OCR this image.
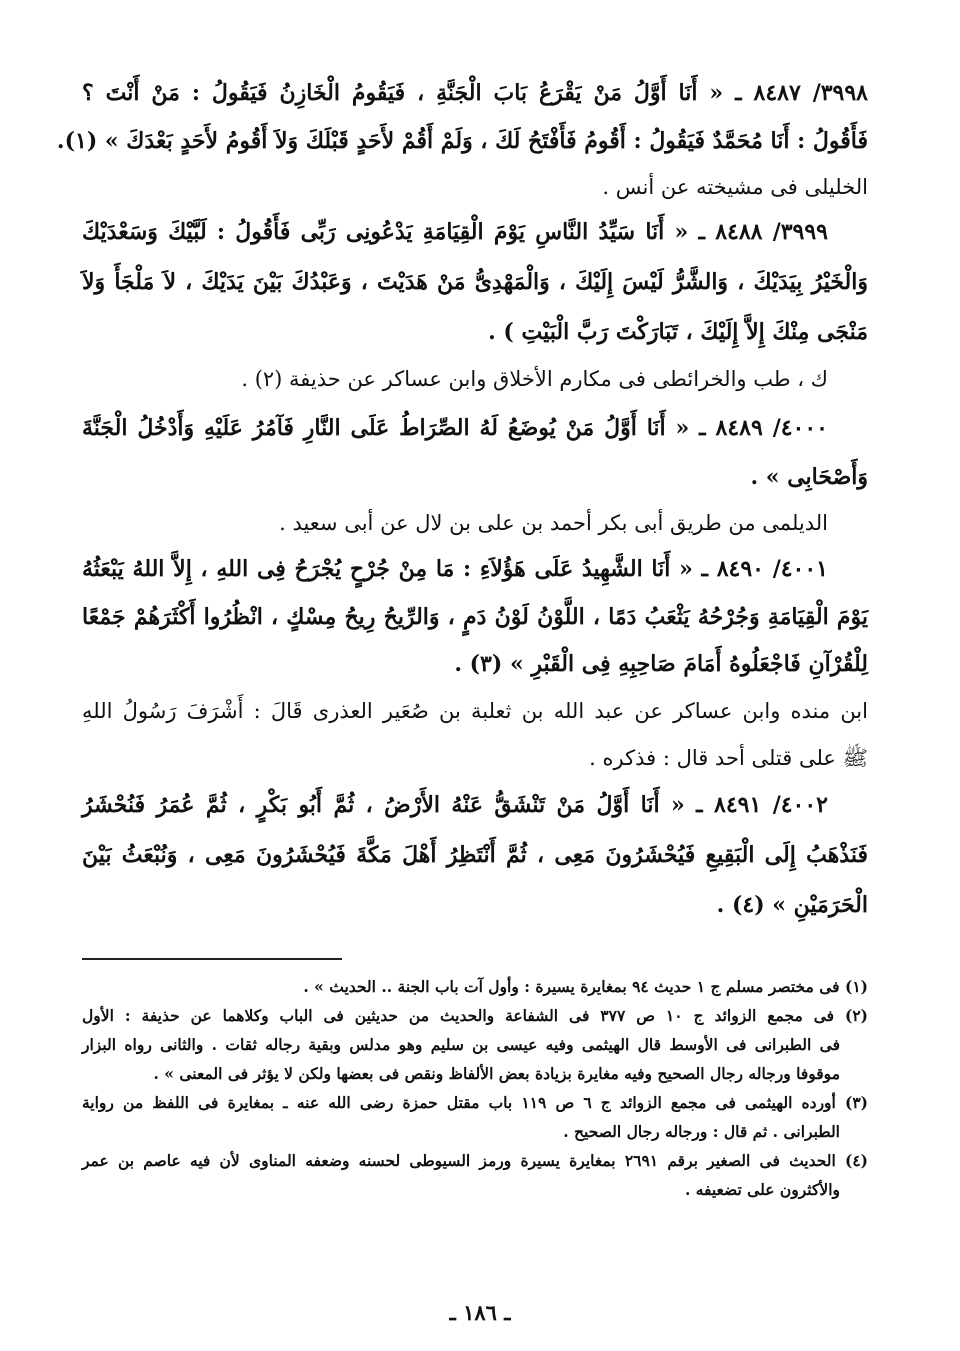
٣٩٩٨/ ٨٤٨٧ ـ « أَنَا أَوَّلُ مَنْ يَقْرَعُ بَابَ الْجَنَّةِ ، فَيَقُومُ الْخَازِنُ فَيَقُولُ : مَنْ أَنْتَ ؟

فَأَقُولُ : أَنَا مُحَمَّدٌ فَيَقُولُ : أَقُومُ فَأَفْتَحُ لَكَ ، وَلَمْ أَقُمْ لأَحَدٍ قَبْلَكَ وَلاَ أَقُومُ لأَحَدٍ بَعْدَكَ » (١).

الخليلى فى مشيخته عن أنس .

٣٩٩٩/ ٨٤٨٨ ـ « أَنَا سَيِّدُ النَّاسِ يَوْمَ الْقِيَامَةِ يَدْعُونِى رَبِّى فَأَقُولُ : لَبَّيْكَ وَسَعْدَيْكَ

وَالْخَيْرُ بِيَدَيْكَ ، وَالشَّرُّ لَيْسَ إِلَيْكَ ، وَالْمَهْدِىُّ مَنْ هَدَيْتَ ، وَعَبْدُكَ بَيْنَ يَدَيْكَ ، لاَ مَلْجَأَ وَلاَ

مَنْجَى مِنْكَ إِلاَّ إِلَيْكَ ، تَبَارَكْتَ رَبَّ الْبَيْتِ ) .

ك ، طب والخرائطى فى مكارم الأخلاق وابن عساكر عن حذيفة (٢) .

٤٠٠٠/ ٨٤٨٩ ـ « أَنَا أَوَّلُ مَنْ يُوضَعُ لَهُ الصِّرَاطُ عَلَى النَّارِ فَآمُرُ عَلَيْهِ وَأَدْخُلُ الْجَنَّةَ

وَأَصْحَابِى » .

الديلمى من طريق أبى بكر أحمد بن على بن لال عن أبى سعيد .

٤٠٠١/ ٨٤٩٠ ـ « أَنَا الشَّهِيدُ عَلَى هَؤُلاَءِ : مَا مِنْ جُرْحٍ يُجْرَحُ فِى اللهِ ، إِلاَّ اللهُ يَبْعَثُهُ

يَوْمَ الْقِيَامَةِ وَجُرْحُهُ يَثْعَبُ دَمًا ، اللَّوْنُ لَوْنُ دَمٍ ، وَالرِّيحُ رِيحُ مِسْكٍ ، انْظُرُوا أَكْثَرَهُمْ جَمْعًا

لِلْقُرْآنِ فَاجْعَلُوهُ أَمَامَ صَاحِبِهِ فِى الْقَبْرِ » (٣) .

ابن منده وابن عساكر عن عبد الله بن ثعلبة بن صُعَير العذرى قَالَ : أَشْرَفَ رَسُولُ اللهِ

ﷺ على قتلى أحد قال : فذكره .

٤٠٠٢/ ٨٤٩١ ـ « أَنَا أَوَّلُ مَنْ تَنْشَقُّ عَنْهُ الأَرْضُ ، ثُمَّ أَبُو بَكْرٍ ، ثُمَّ عُمَرُ فَنُحْشَرُ

فَنَذْهَبُ إِلَى الْبَقِيعِ فَيُحْشَرُونَ مَعِى ، ثُمَّ أَنْتَظِرُ أَهْلَ مَكَّةَ فَيُحْشَرُونَ مَعِى ، وَنُبْعَثُ بَيْنَ

الْحَرَمَيْنِ » (٤) .

(١) فى مختصر مسلم ج ١ حديث ٩٤ بمغايرة يسيرة : وأول آت باب الجنة .. الحديث » .

(٢) فى مجمع الزوائد ج ١٠ ص ٣٧٧ فى الشفاعة والحديث من حديثين فى الباب وكلاهما عن حذيفة : الأول

فى الطبرانى فى الأوسط قال الهيثمى وفيه عيسى بن سليم وهو مدلس وبقية رجاله ثقات . والثانى رواه البزار

موقوفا ورجاله رجال الصحيح وفيه مغايرة بزيادة بعض الألفاظ ونقص فى بعضها ولكن لا يؤثر فى المعنى » .

(٣) أورده الهيثمى فى مجمع الزوائد ج ٦ ص ١١٩ باب مقتل حمزة رضى الله عنه ـ بمغايرة فى اللفظ من رواية

الطبرانى . ثم قال : ورجاله رجال الصحيح .

(٤) الحديث فى الصغير برقم ٢٦٩١ بمغايرة يسيرة ورمز السيوطى لحسنه وضعفه المناوى لأن فيه عاصم بن عمر

والأكثرون على تضعيفه .

ـ ١٨٦ ـ
